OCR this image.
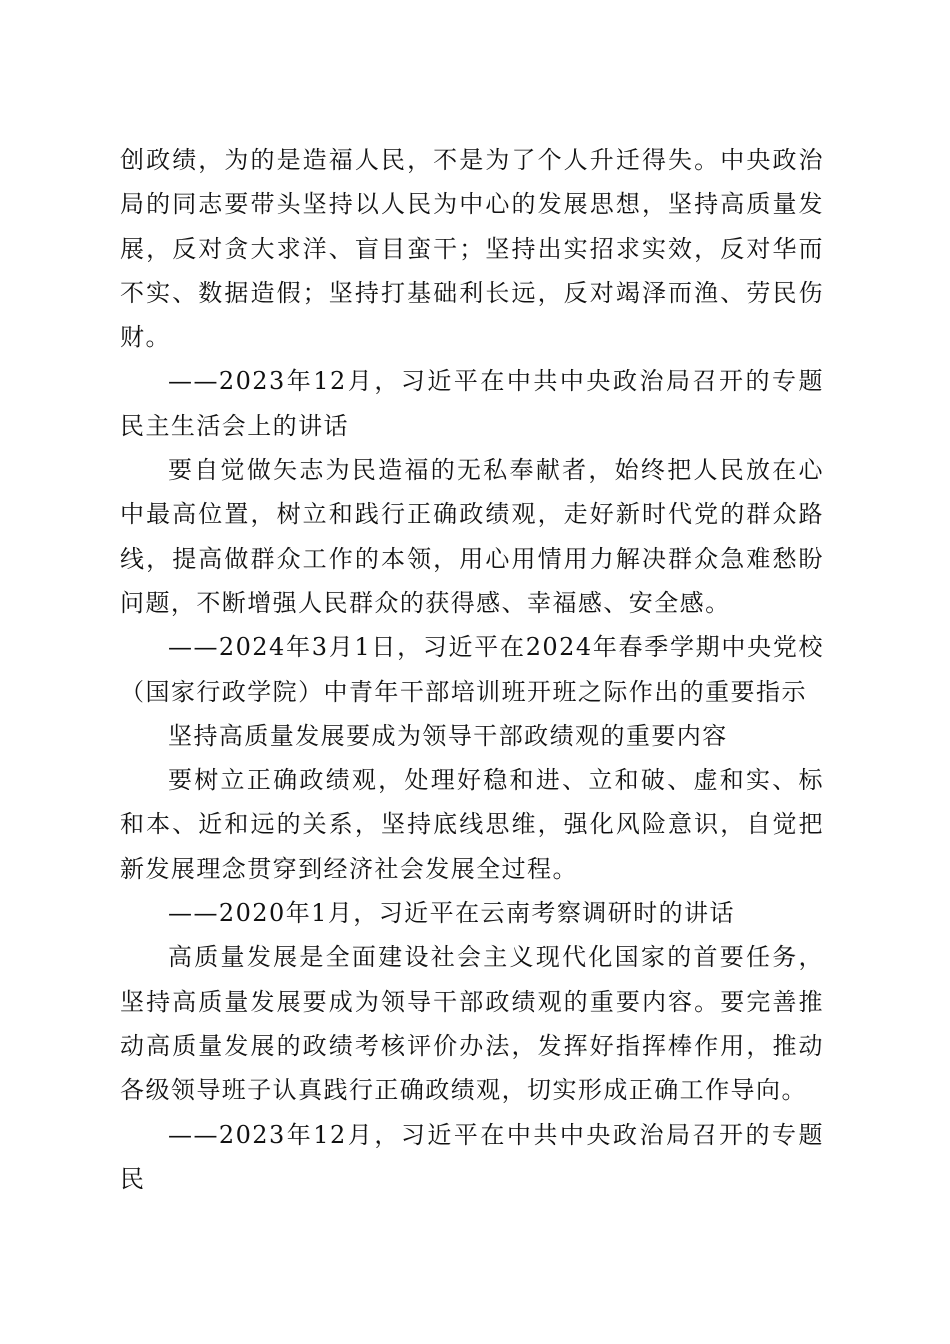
创政绩，为的是造福人民，不是为了个人升迁得失。中央政治局的同志要带头坚持以人民为中心的发展思想，坚持高质量发展，反对贪大求洋、盲目蛮干；坚持出实招求实效，反对华而不实、数据造假；坚持打基础利长远，反对竭泽而渔、劳民伤财。

——2023年12月，习近平在中共中央政治局召开的专题民主生活会上的讲话

要自觉做矢志为民造福的无私奉献者，始终把人民放在心中最高位置，树立和践行正确政绩观，走好新时代党的群众路线，提高做群众工作的本领，用心用情用力解决群众急难愁盼问题，不断增强人民群众的获得感、幸福感、安全感。

——2024年3月1日，习近平在2024年春季学期中央党校（国家行政学院）中青年干部培训班开班之际作出的重要指示

坚持高质量发展要成为领导干部政绩观的重要内容

要树立正确政绩观，处理好稳和进、立和破、虚和实、标和本、近和远的关系，坚持底线思维，强化风险意识，自觉把新发展理念贯穿到经济社会发展全过程。

——2020年1月，习近平在云南考察调研时的讲话

高质量发展是全面建设社会主义现代化国家的首要任务，坚持高质量发展要成为领导干部政绩观的重要内容。要完善推动高质量发展的政绩考核评价办法，发挥好指挥棒作用，推动各级领导班子认真践行正确政绩观，切实形成正确工作导向。

——2023年12月，习近平在中共中央政治局召开的专题民
